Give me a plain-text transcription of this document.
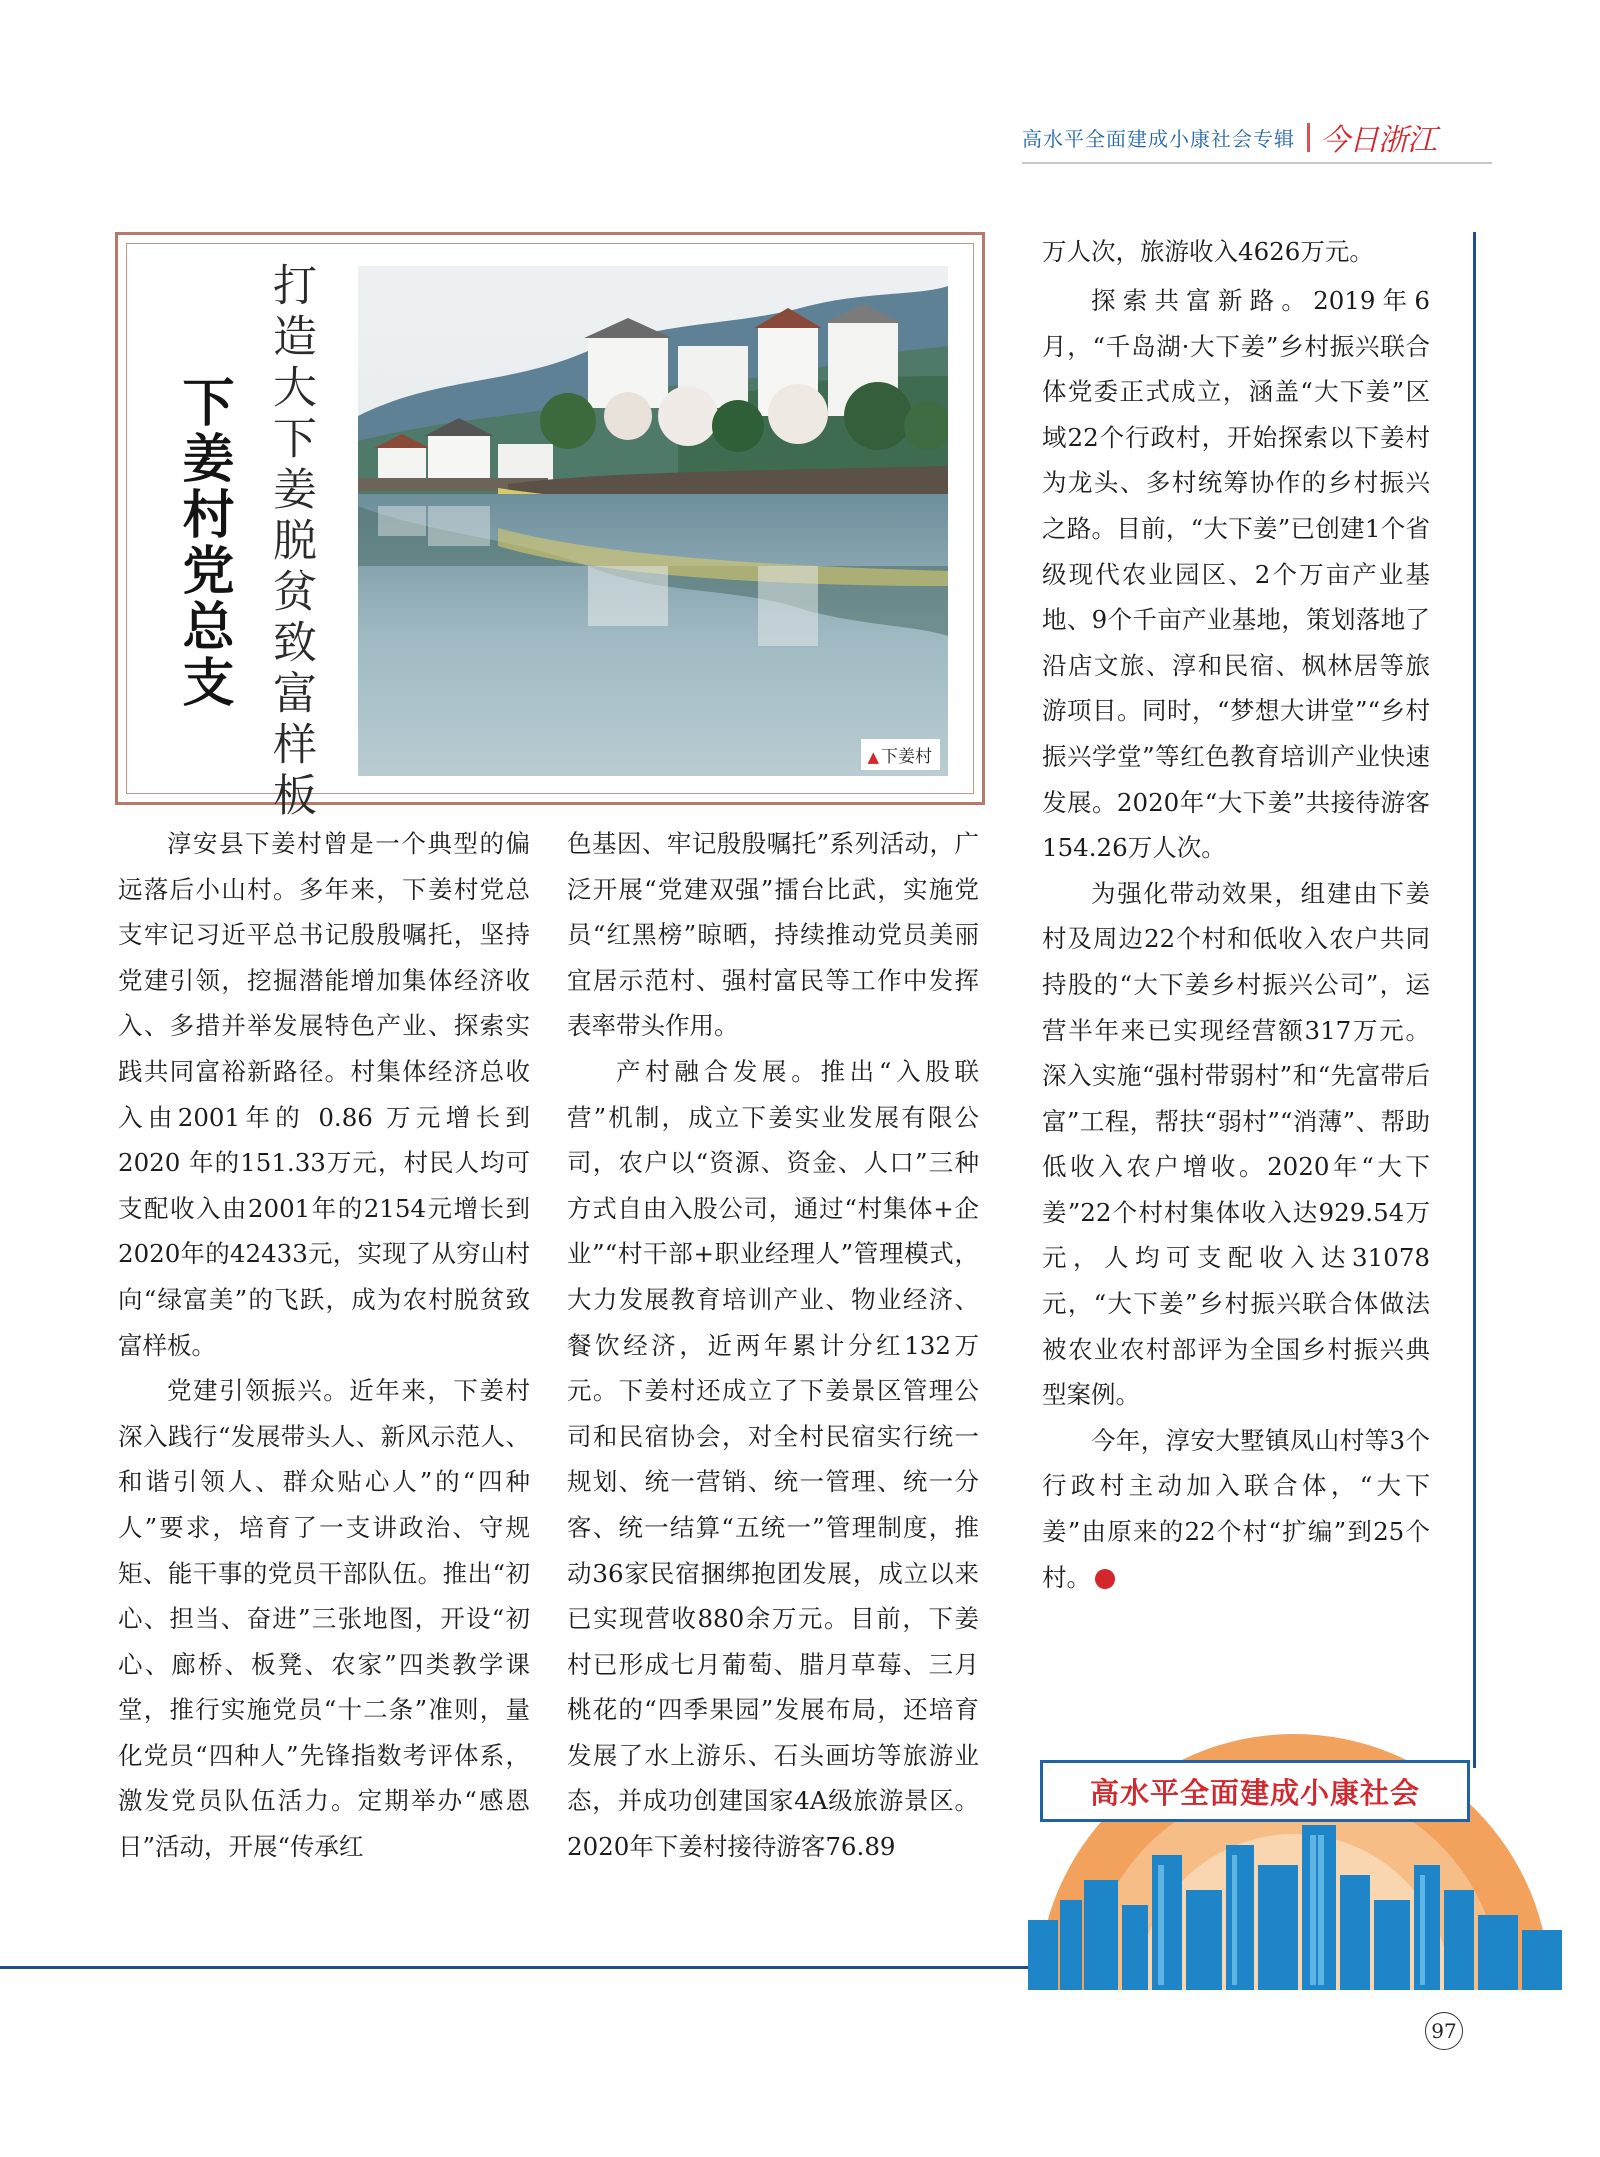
高水平全面建成小康社会专辑 今日浙江
打造大下姜脱贫致富样板
下姜村党总支
▲ 下姜村
万人次，旅游收入4626万元。

淳安县下姜村曾是一个典型的偏远落后小山村。多年来，下姜村党总支牢记习近平总书记殷殷嘱托，坚持党建引领，挖掘潜能增加集体经济收入、多措并举发展特色产业、探索实践共同富裕新路径。村集体经济总收入由2001年的 0.86 万元增长到 2020 年的151.33万元，村民人均可支配收入由2001年的2154元增长到2020年的42433元，实现了从穷山村向“绿富美”的飞跃，成为农村脱贫致富样板。

党建引领振兴。近年来，下姜村深入践行“发展带头人、新风示范人、和谐引领人、群众贴心人”的“四种人”要求，培育了一支讲政治、守规矩、能干事的党员干部队伍。推出“初心、担当、奋进”三张地图，开设“初心、廊桥、板凳、农家”四类教学课堂，推行实施党员“十二条”准则，量化党员“四种人”先锋指数考评体系，激发党员队伍活力。定期举办“感恩日”活动，开展“传承红

色基因、牢记殷殷嘱托”系列活动，广泛开展“党建双强”擂台比武，实施党员“红黑榜”晾晒，持续推动党员美丽宜居示范村、强村富民等工作中发挥表率带头作用。

产村融合发展。推出“入股联营”机制，成立下姜实业发展有限公司，农户以“资源、资金、人口”三种方式自由入股公司，通过“村集体+企业”“村干部+职业经理人”管理模式，大力发展教育培训产业、物业经济、餐饮经济，近两年累计分红132万元。下姜村还成立了下姜景区管理公司和民宿协会，对全村民宿实行统一规划、统一营销、统一管理、统一分客、统一结算“五统一”管理制度，推动36家民宿捆绑抱团发展，成立以来已实现营收880余万元。目前，下姜村已形成七月葡萄、腊月草莓、三月桃花的“四季果园”发展布局，还培育发展了水上游乐、石头画坊等旅游业态，并成功创建国家4A级旅游景区。2020年下姜村接待游客76.89

探索共富新路。2019年6月，“千岛湖·大下姜”乡村振兴联合体党委正式成立，涵盖“大下姜”区域22个行政村，开始探索以下姜村为龙头、多村统筹协作的乡村振兴之路。目前，“大下姜”已创建1个省级现代农业园区、2个万亩产业基地、9个千亩产业基地，策划落地了沿店文旅、淳和民宿、枫林居等旅游项目。同时，“梦想大讲堂”“乡村振兴学堂”等红色教育培训产业快速发展。2020年“大下姜”共接待游客154.26万人次。

为强化带动效果，组建由下姜村及周边22个村和低收入农户共同持股的“大下姜乡村振兴公司”，运营半年来已实现经营额317万元。深入实施“强村带弱村”和“先富带后富”工程，帮扶“弱村”“消薄”、帮助低收入农户增收。2020年“大下姜”22个村村集体收入达929.54万元，人均可支配收入达31078元，“大下姜”乡村振兴联合体做法被农业农村部评为全国乡村振兴典型案例。

今年，淳安大墅镇凤山村等3个行政村主动加入联合体，“大下姜”由原来的22个村“扩编”到25个村。

高水平全面建成小康社会
97
